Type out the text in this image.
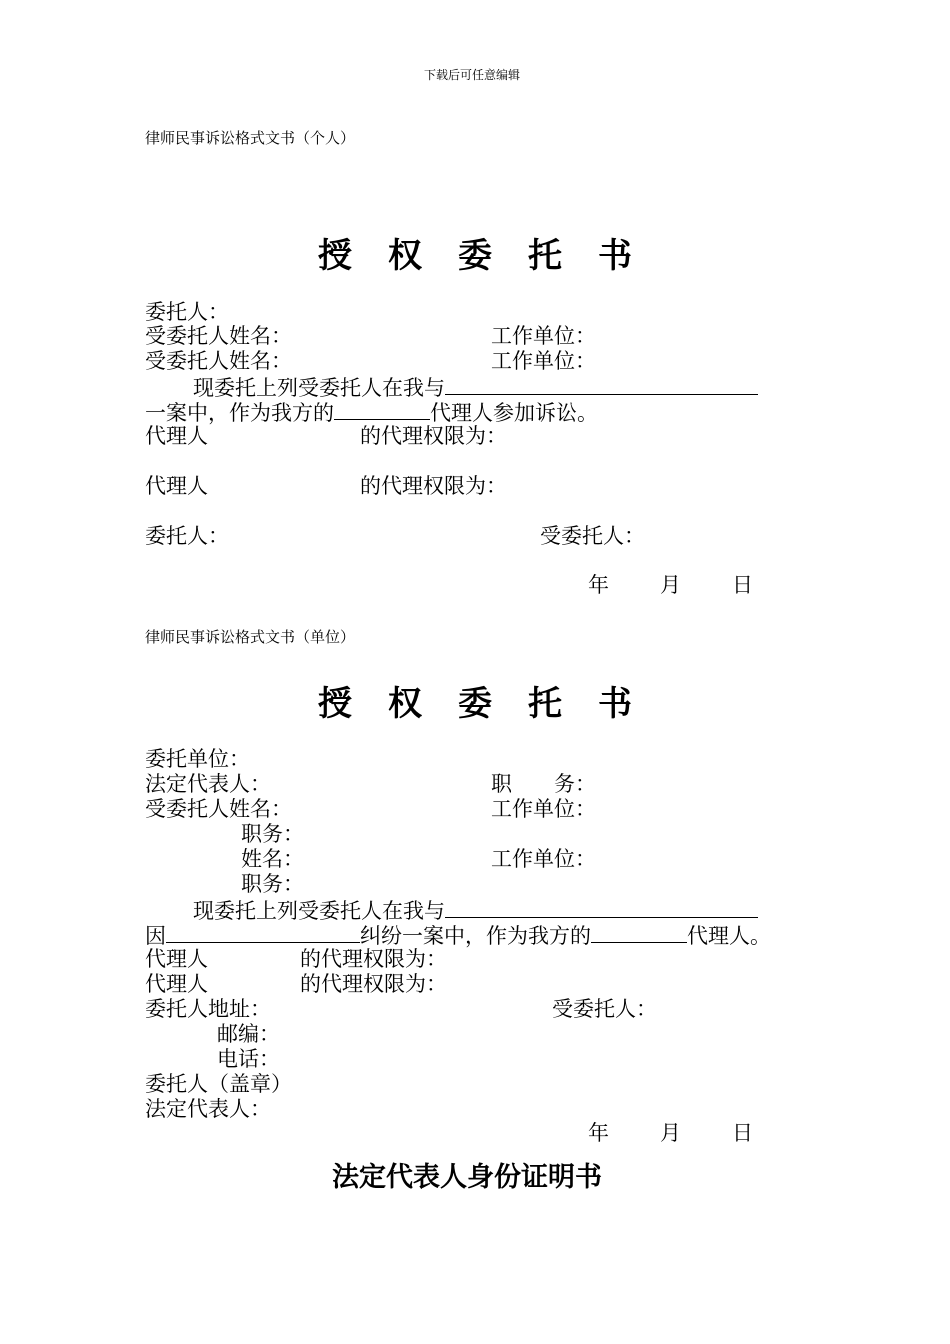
下载后可任意编辑
律师民事诉讼格式文书（个人）
授 权 委 托 书
委托人：
受委托人姓名：	工作单位：
受委托人姓名：	工作单位：
现委托上列受委托人在我与
一案中，作为我方的	代理人参加诉讼。
代理人	的代理权限为：
代理人	的代理权限为：
委托人：	受委托人：
年 月 日
律师民事诉讼格式文书（单位）
授 权 委 托 书
委托单位：
法定代表人：	职　　务：
受委托人姓名：	工作单位：
职务：
姓名：	工作单位：
职务：
现委托上列受委托人在我与
因	纠纷一案中，作为我方的	代理人。
代理人	的代理权限为：
代理人	的代理权限为：
委托人地址：	受委托人：
邮编：
电话：
委托人（盖章）
法定代表人：
年 月 日
法定代表人身份证明书
